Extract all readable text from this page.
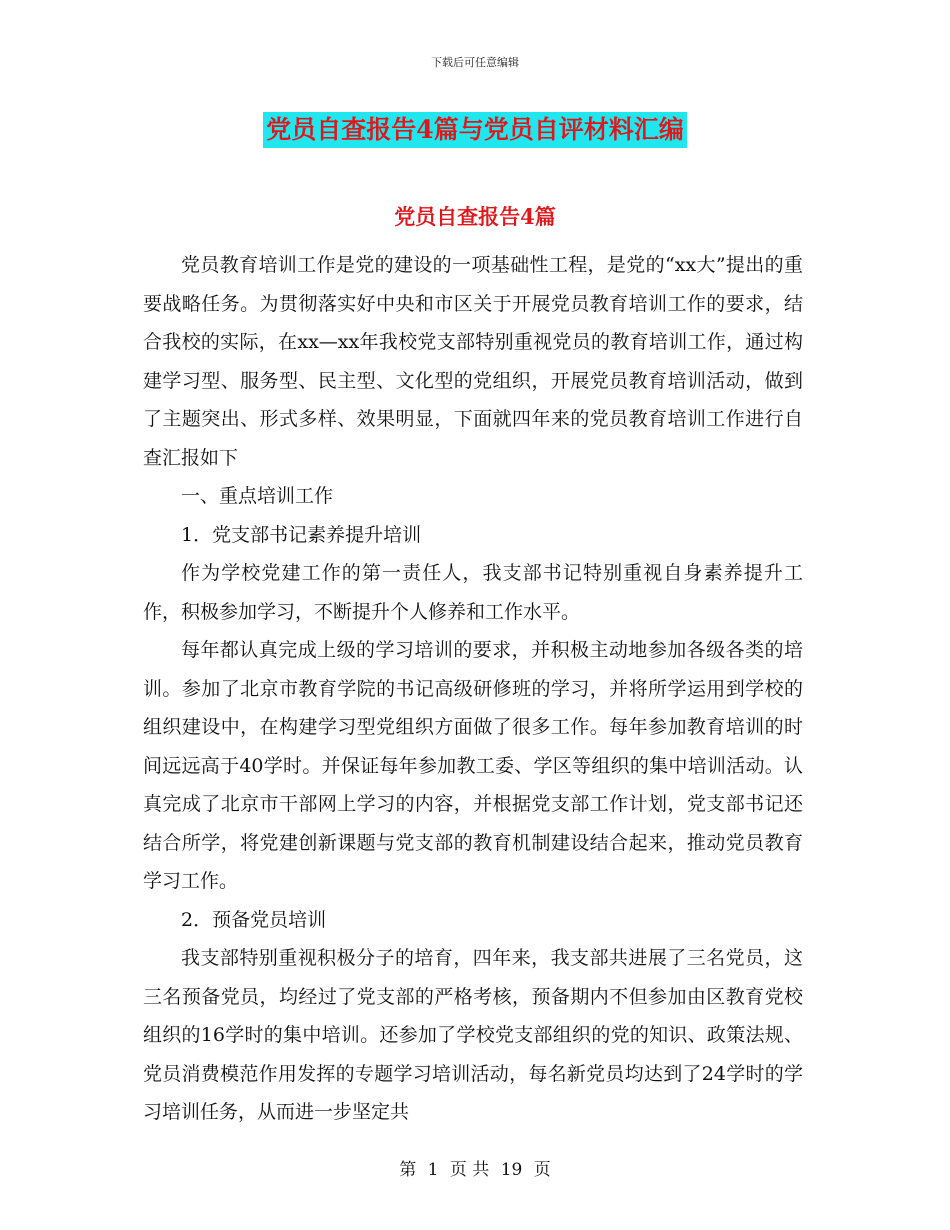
下载后可任意编辑
党员自查报告4篇与党员自评材料汇编
党员自查报告4篇

党员教育培训工作是党的建设的一项基础性工程，是党的“xx大”提出的重要战略任务。为贯彻落实好中央和市区关于开展党员教育培训工作的要求，结合我校的实际，在xx—xx年我校党支部特别重视党员的教育培训工作，通过构建学习型、服务型、民主型、文化型的党组织，开展党员教育培训活动，做到了主题突出、形式多样、效果明显，下面就四年来的党员教育培训工作进行自查汇报如下

一、重点培训工作

1．党支部书记素养提升培训

作为学校党建工作的第一责任人，我支部书记特别重视自身素养提升工作，积极参加学习，不断提升个人修养和工作水平。

每年都认真完成上级的学习培训的要求，并积极主动地参加各级各类的培训。参加了北京市教育学院的书记高级研修班的学习，并将所学运用到学校的组织建设中，在构建学习型党组织方面做了很多工作。每年参加教育培训的时间远远高于40学时。并保证每年参加教工委、学区等组织的集中培训活动。认真完成了北京市干部网上学习的内容，并根据党支部工作计划，党支部书记还结合所学，将党建创新课题与党支部的教育机制建设结合起来，推动党员教育学习工作。

2．预备党员培训

我支部特别重视积极分子的培育，四年来，我支部共进展了三名党员，这三名预备党员，均经过了党支部的严格考核，预备期内不但参加由区教育党校组织的16学时的集中培训。还参加了学校党支部组织的党的知识、政策法规、党员消费模范作用发挥的专题学习培训活动，每名新党员均达到了24学时的学习培训任务，从而进一步坚定共

第 1 页 共 19 页
